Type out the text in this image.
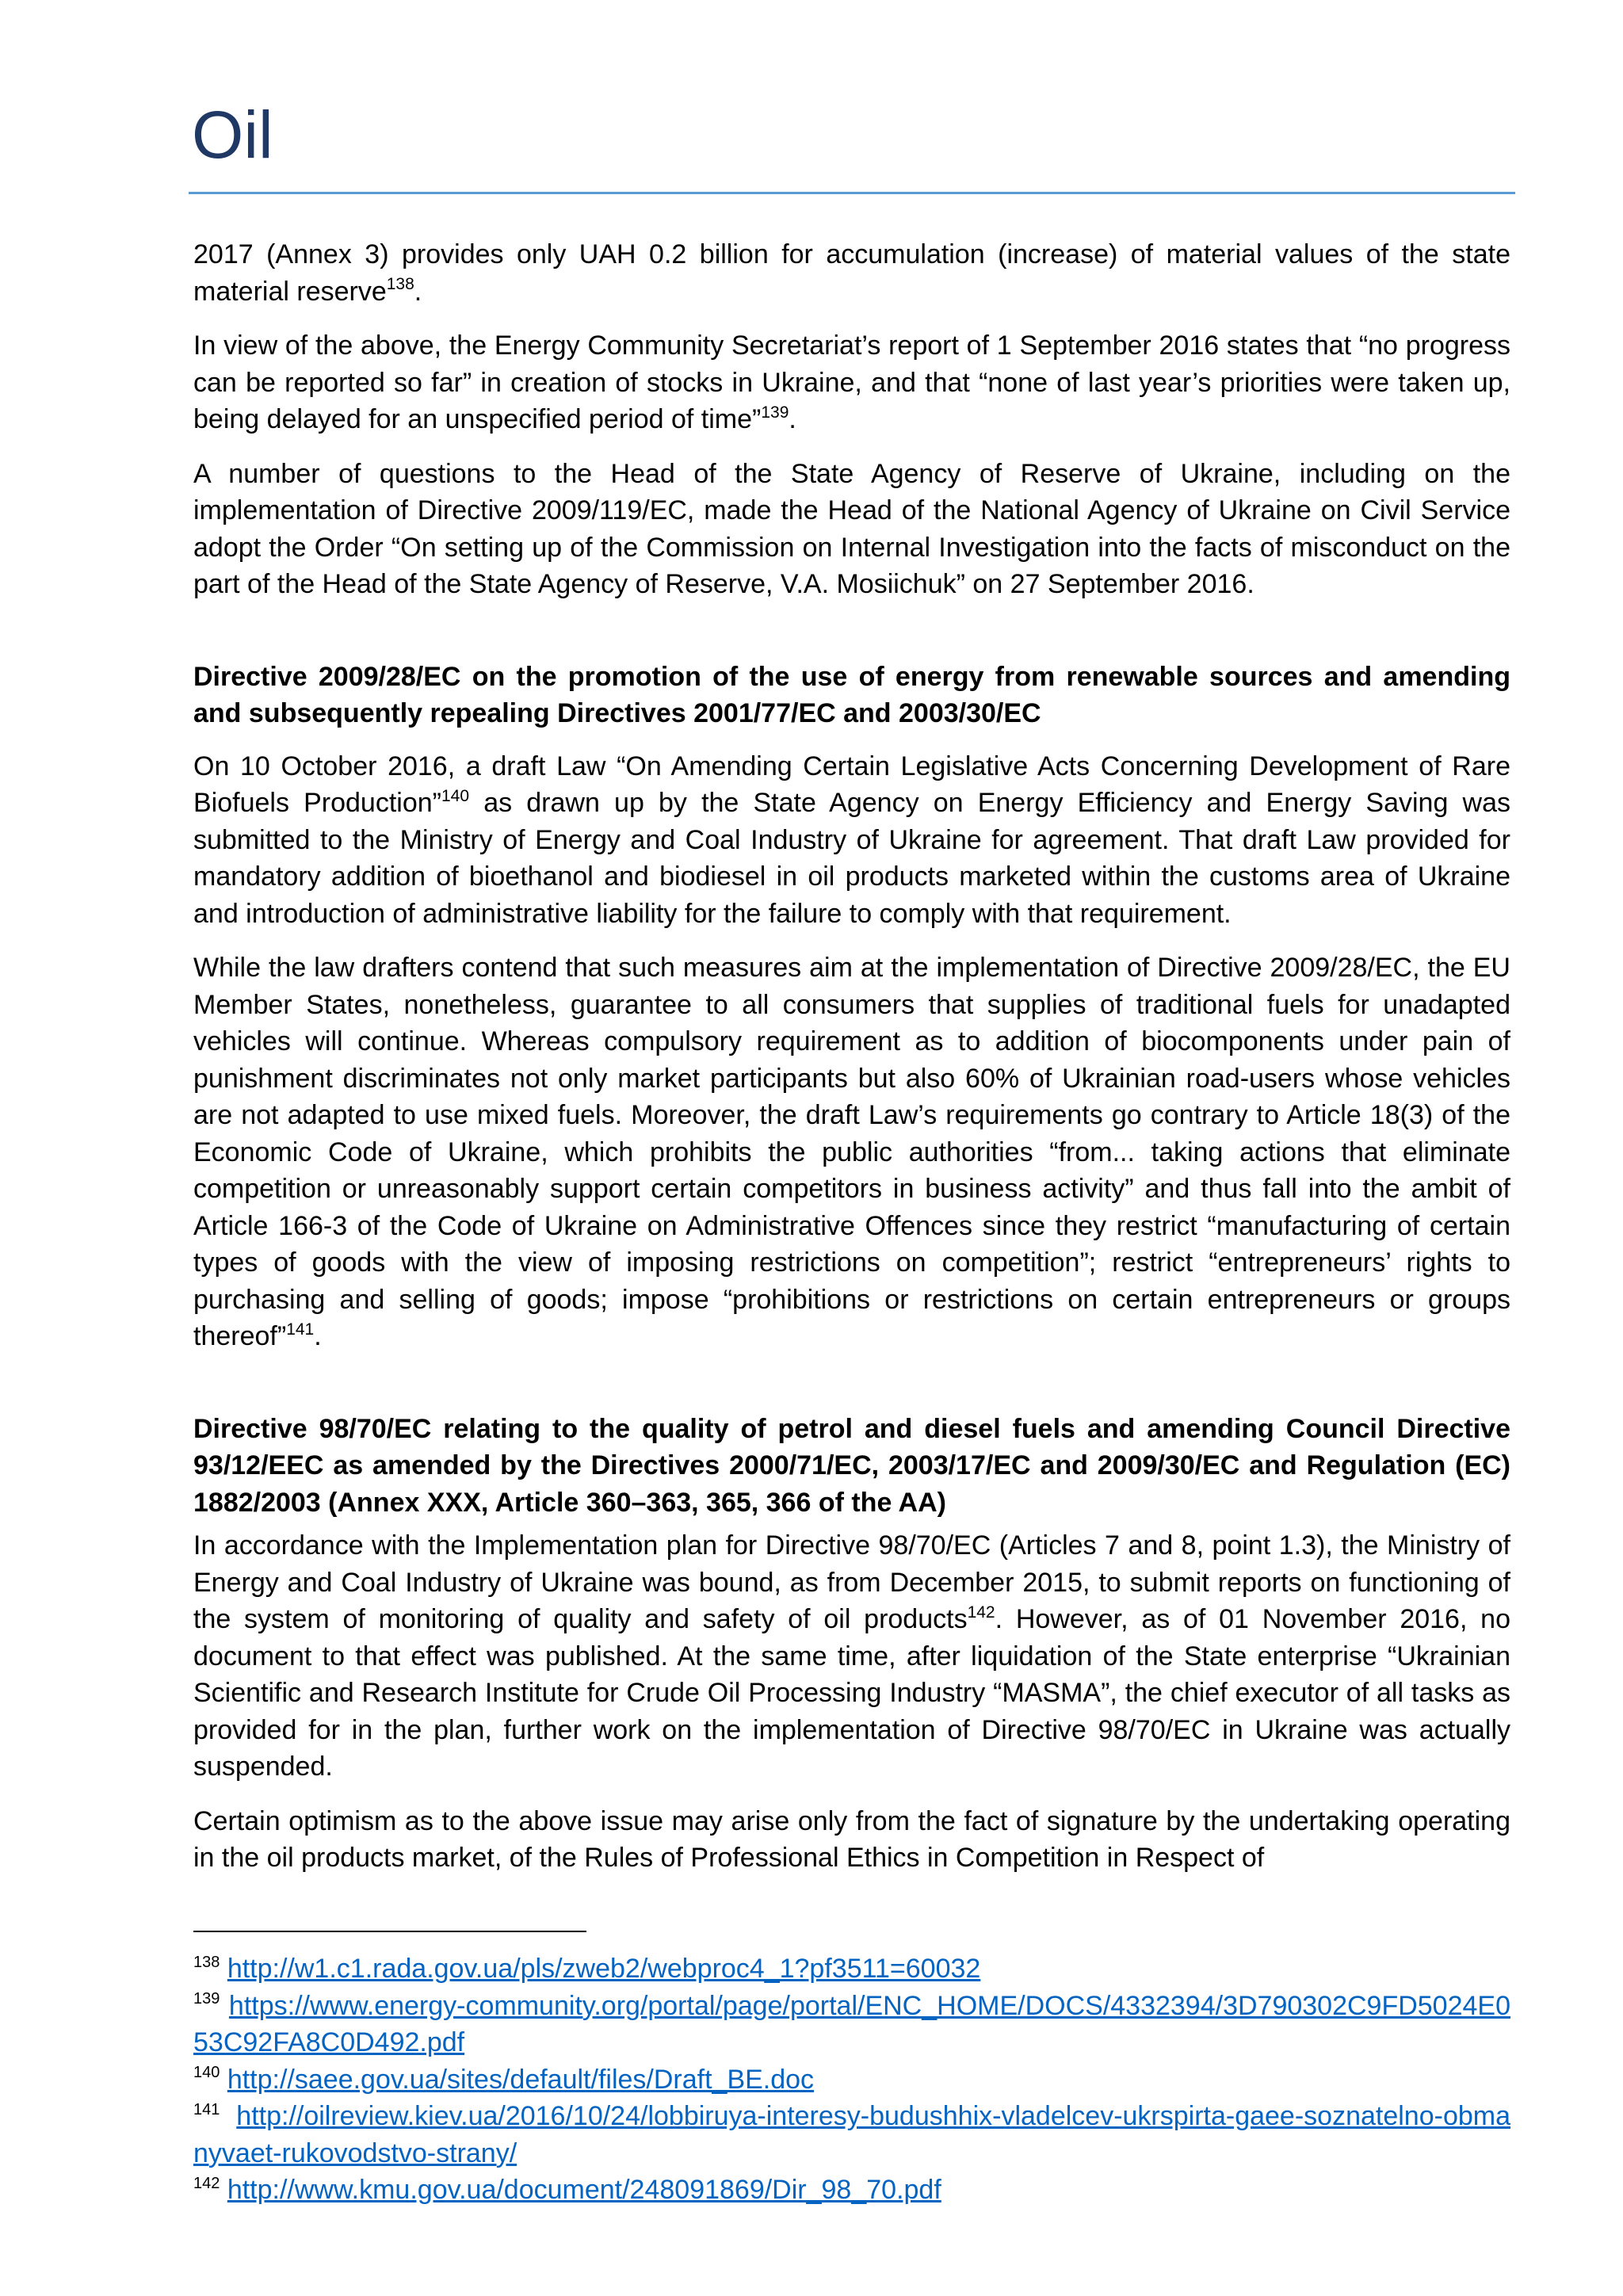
Oil

2017 (Annex 3) provides only UAH 0.2 billion for accumulation (increase) of material values of the state material reserve$^{138}$.

In view of the above, the Energy Community Secretariat’s report of 1 September 2016 states that “no progress can be reported so far” in creation of stocks in Ukraine, and that “none of last year’s priorities were taken up, being delayed for an unspecified period of time”$^{139}$.

A number of questions to the Head of the State Agency of Reserve of Ukraine, including on the implementation of Directive 2009/119/EC, made the Head of the National Agency of Ukraine on Civil Service adopt the Order “On setting up of the Commission on Internal Investigation into the facts of misconduct on the part of the Head of the State Agency of Reserve, V.A. Mosiichuk” on 27 September 2016.

Directive 2009/28/EC on the promotion of the use of energy from renewable sources and amending and subsequently repealing Directives 2001/77/EC and 2003/30/EC

On 10 October 2016, a draft Law “On Amending Certain Legislative Acts Concerning Development of Rare Biofuels Production”$^{140}$ as drawn up by the State Agency on Energy Efficiency and Energy Saving was submitted to the Ministry of Energy and Coal Industry of Ukraine for agreement. That draft Law provided for mandatory addition of bioethanol and biodiesel in oil products marketed within the customs area of Ukraine and introduction of administrative liability for the failure to comply with that requirement.

While the law drafters contend that such measures aim at the implementation of Directive 2009/28/EC, the EU Member States, nonetheless, guarantee to all consumers that supplies of traditional fuels for unadapted vehicles will continue. Whereas compulsory requirement as to addition of biocomponents under pain of punishment discriminates not only market participants but also 60% of Ukrainian road-users whose vehicles are not adapted to use mixed fuels. Moreover, the draft Law’s requirements go contrary to Article 18(3) of the Economic Code of Ukraine, which prohibits the public authorities “from... taking actions that eliminate competition or unreasonably support certain competitors in business activity” and thus fall into the ambit of Article 166-3 of the Code of Ukraine on Administrative Offences since they restrict “manufacturing of certain types of goods with the view of imposing restrictions on competition”; restrict “entrepreneurs’ rights to purchasing and selling of goods; impose “prohibitions or restrictions on certain entrepreneurs or groups thereof”$^{141}$.

Directive 98/70/EC relating to the quality of petrol and diesel fuels and amending Council Directive 93/12/EEC as amended by the Directives 2000/71/EC, 2003/17/EC and 2009/30/EC and Regulation (EC) 1882/2003 (Annex XXX, Article 360–363, 365, 366 of the AA)

In accordance with the Implementation plan for Directive 98/70/EC (Articles 7 and 8, point 1.3), the Ministry of Energy and Coal Industry of Ukraine was bound, as from December 2015, to submit reports on functioning of the system of monitoring of quality and safety of oil products$^{142}$. However, as of 01 November 2016, no document to that effect was published. At the same time, after liquidation of the State enterprise “Ukrainian Scientific and Research Institute for Crude Oil Processing Industry “MASMA”, the chief executor of all tasks as provided for in the plan, further work on the implementation of Directive 98/70/EC in Ukraine was actually suspended.

Certain optimism as to the above issue may arise only from the fact of signature by the undertaking operating in the oil products market, of the Rules of Professional Ethics in Competition in Respect of

$^{138}$ http://w1.c1.rada.gov.ua/pls/zweb2/webproc4_1?pf3511=60032

$^{139}$ https://www.energy-community.org/portal/page/portal/ENC_HOME/DOCS/4332394/3D790302C9FD5024E053C92FA8C0D492.pdf

$^{140}$ http://saee.gov.ua/sites/default/files/Draft_BE.doc

$^{141}$ http://oilreview.kiev.ua/2016/10/24/lobbiruya-interesy-budushhix-vladelcev-ukrspirta-gaee-soznatelno-obmanyvaet-rukovodstvo-strany/

$^{142}$ http://www.kmu.gov.ua/document/248091869/Dir_98_70.pdf
